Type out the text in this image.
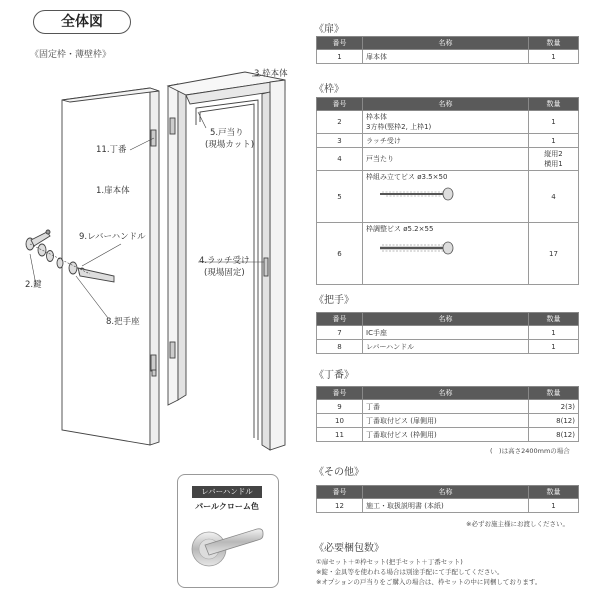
全体図
《固定枠・薄壁枠》
3.枠本体
5.戸当り
(現場カット)
11.丁番
1.扉本体
9.レバーハンドル
4.ラッチ受け
(現場固定)
2.鍵
8.把手座
レバーハンドル
パールクローム色
《扉》
番号	名称	数量
1	扉本体	1
《枠》
番号	名称	数量
2	枠本体
3方枠(竪枠2, 上枠1)	1
3	ラッチ受け	1
4	戸当たり	縦用2
横用1

5	枠組み立てビス ø3.5×50	4
6	枠調整ビス ø5.2×55	17
《把手》
番号	名称	数量
7	IC手座	1
8	レバーハンドル	1
《丁番》
番号	名称	数量
9	丁番	2(3)
10	丁番取付ビス (扉側用)	8(12)
11	丁番取付ビス (枠側用)	8(12)
(　)は高さ2400mmの場合
《その他》
番号	名称	数量
12	施工・取扱説明書 (本紙)	1
※必ずお施主様にお渡しください。
《必要梱包数》
①扉セット＋②枠セット(把手セット＋丁番セット)
※錠・金具等を使われる場合は別途手配にて手配してください。
※オプションの戸当りをご購入の場合は、枠セットの中に同梱しております。
